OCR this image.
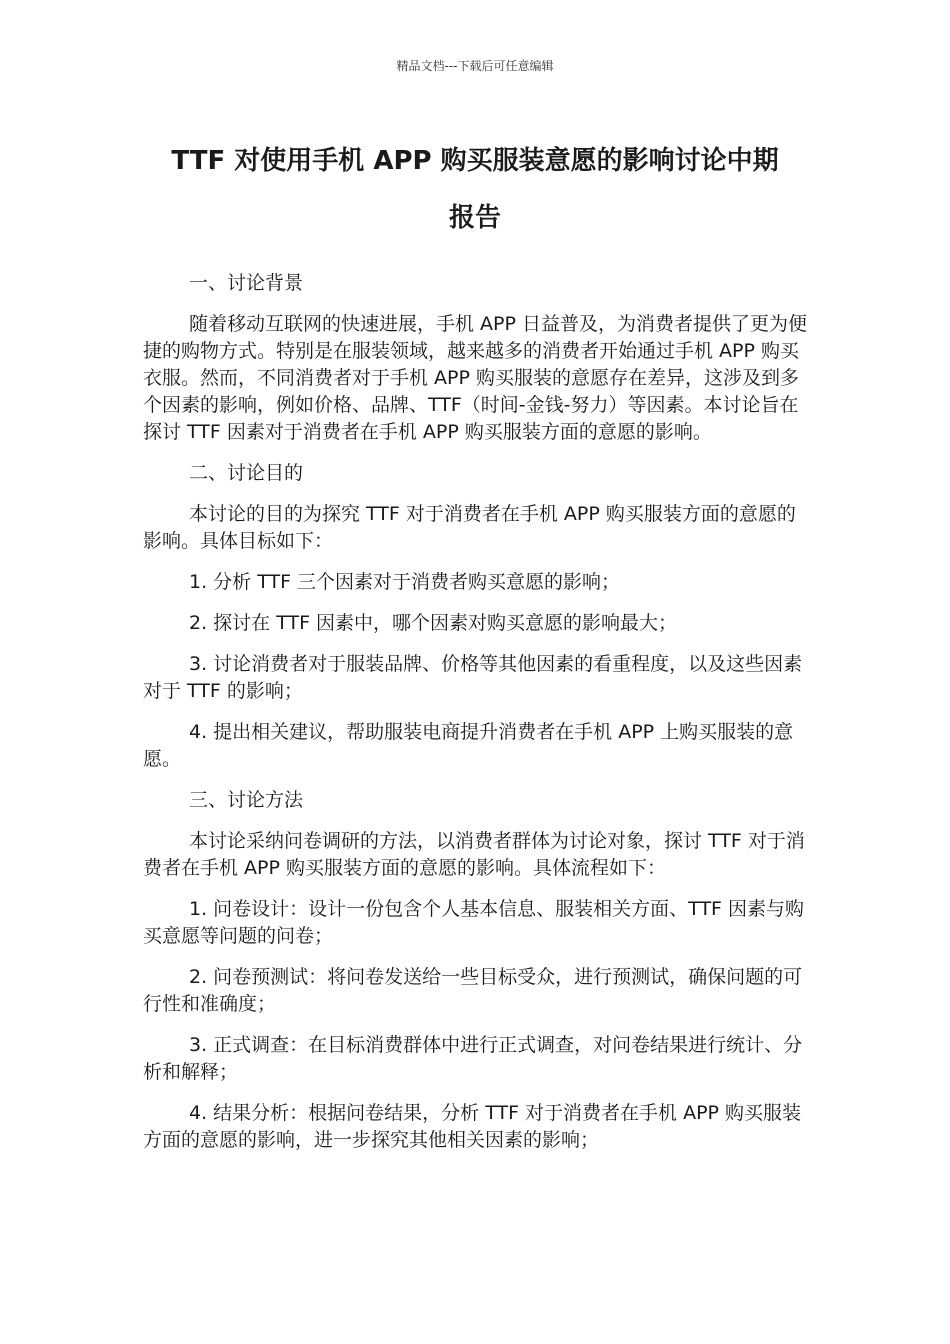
精品文档---下载后可任意编辑
TTF 对使用手机 APP 购买服装意愿的影响讨论中期
报告

一、讨论背景

随着移动互联网的快速进展，手机 APP 日益普及，为消费者提供了更为便捷的购物方式。特别是在服装领域，越来越多的消费者开始通过手机 APP 购买衣服。然而，不同消费者对于手机 APP 购买服装的意愿存在差异，这涉及到多个因素的影响，例如价格、品牌、TTF（时间-金钱-努力）等因素。本讨论旨在探讨 TTF 因素对于消费者在手机 APP 购买服装方面的意愿的影响。

二、讨论目的

本讨论的目的为探究 TTF 对于消费者在手机 APP 购买服装方面的意愿的影响。具体目标如下：

1. 分析 TTF 三个因素对于消费者购买意愿的影响；

2. 探讨在 TTF 因素中，哪个因素对购买意愿的影响最大；

3. 讨论消费者对于服装品牌、价格等其他因素的看重程度，以及这些因素对于 TTF 的影响；

4. 提出相关建议，帮助服装电商提升消费者在手机 APP 上购买服装的意愿。

三、讨论方法

本讨论采纳问卷调研的方法，以消费者群体为讨论对象，探讨 TTF 对于消费者在手机 APP 购买服装方面的意愿的影响。具体流程如下：

1. 问卷设计：设计一份包含个人基本信息、服装相关方面、TTF 因素与购买意愿等问题的问卷；

2. 问卷预测试：将问卷发送给一些目标受众，进行预测试，确保问题的可行性和准确度；

3. 正式调查：在目标消费群体中进行正式调查，对问卷结果进行统计、分析和解释；

4. 结果分析：根据问卷结果，分析 TTF 对于消费者在手机 APP 购买服装方面的意愿的影响，进一步探究其他相关因素的影响；
